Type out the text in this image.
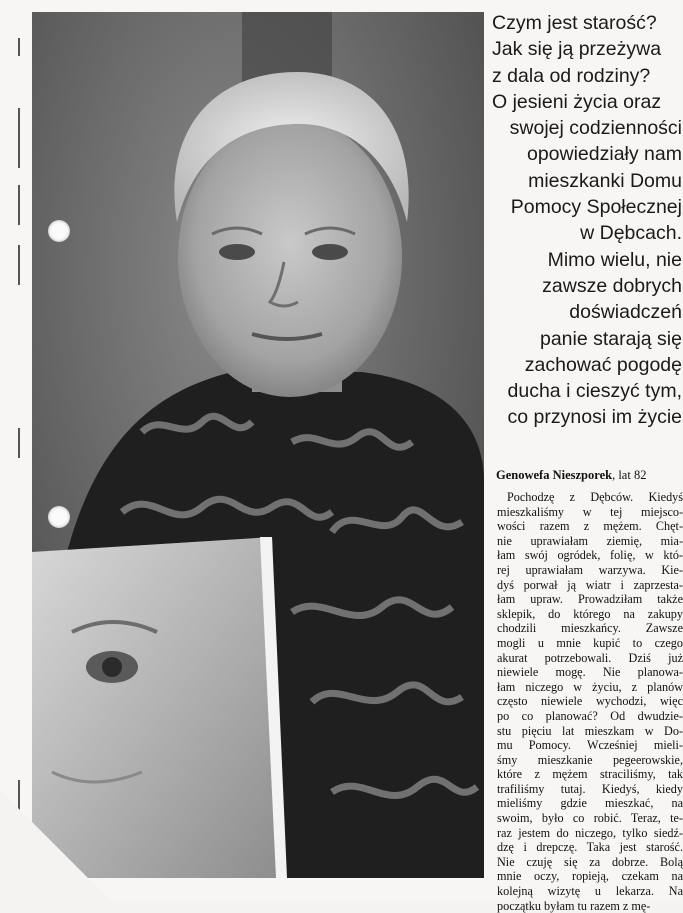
Czym jest starość?
Jak się ją przeżywa
z dala od rodziny?
O jesieni życia oraz
swojej codzienności
opowiedziały nam
mieszkanki Domu
Pomocy Społecznej
w Dębcach.
Mimo wielu, nie
zawsze dobrych
doświadczeń
panie starają się
zachować pogodę
ducha i cieszyć tym,
co przynosi im życie
Genowefa Nieszporek, lat 82
Pochodzę z Dębców. Kiedyś
mieszkaliśmy w tej miejsco-
wości razem z mężem. Chęt-
nie uprawiałam ziemię, mia-
łam swój ogródek, folię, w któ-
rej uprawiałam warzywa. Kie-
dyś porwał ją wiatr i zaprzesta-
łam upraw. Prowadziłam także
sklepik, do którego na zakupy
chodzili mieszkańcy. Zawsze
mogli u mnie kupić to czego
akurat potrzebowali. Dziś już
niewiele mogę. Nie planowa-
łam niczego w życiu, z planów
często niewiele wychodzi, więc
po co planować? Od dwudzie-
stu pięciu lat mieszkam w Do-
mu Pomocy. Wcześniej mieli-
śmy mieszkanie pegeerowskie,
które z mężem straciliśmy, tak
trafiliśmy tutaj. Kiedyś, kiedy
mieliśmy gdzie mieszkać, na
swoim, było co robić. Teraz, te-
raz jestem do niczego, tylko siedź-
dzę i drepczę. Taka jest starość.
Nie czuję się za dobrze. Bolą
mnie oczy, ropieją, czekam na
kolejną wizytę u lekarza. Na
początku byłam tu razem z mę-
